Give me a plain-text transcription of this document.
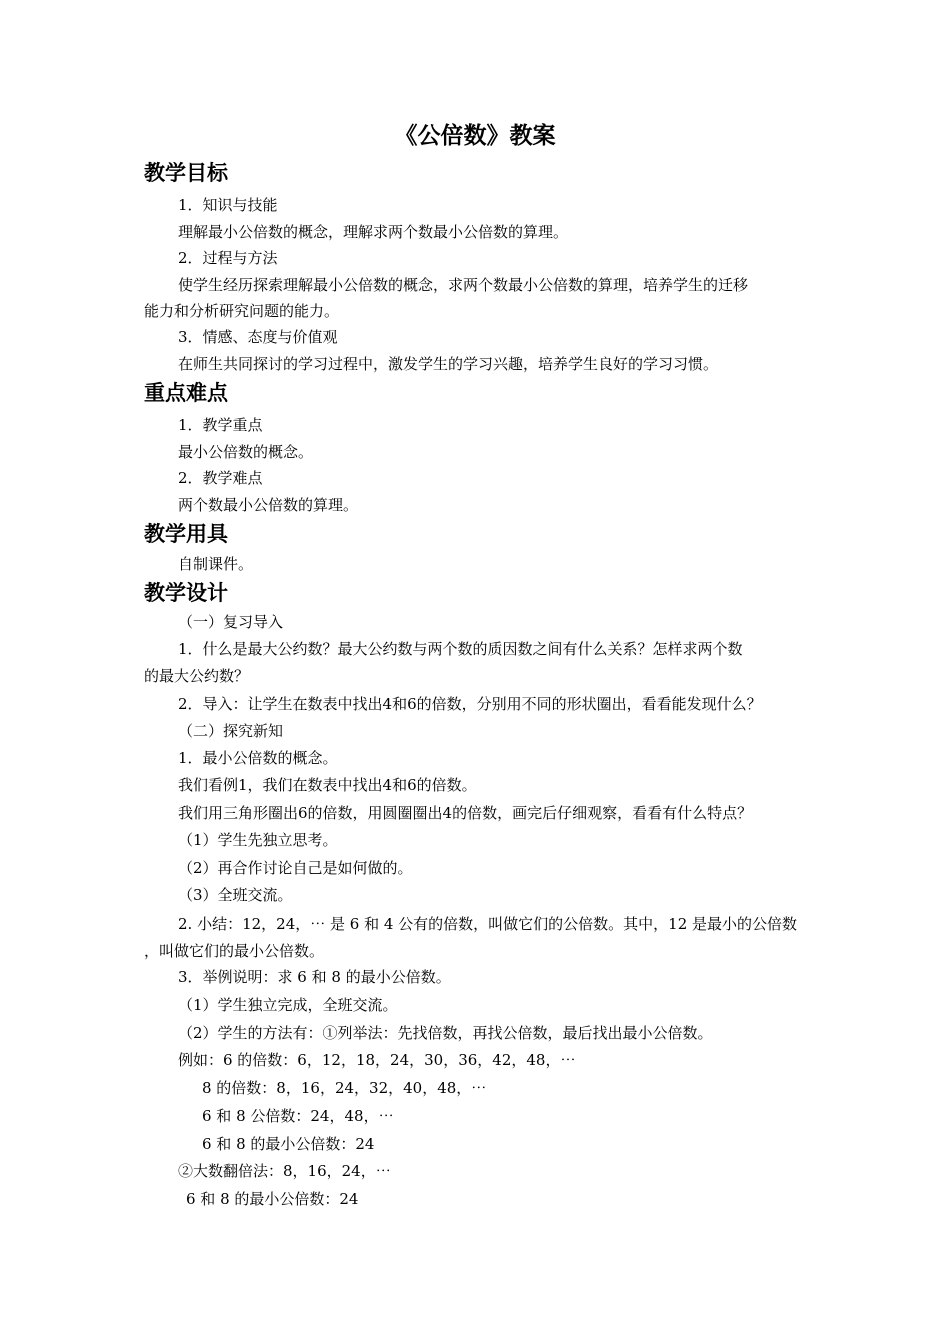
《公倍数》教案
教学目标
1．知识与技能
理解最小公倍数的概念，理解求两个数最小公倍数的算理。
2．过程与方法
使学生经历探索理解最小公倍数的概念，求两个数最小公倍数的算理，培养学生的迁移
能力和分析研究问题的能力。
3．情感、态度与价值观
在师生共同探讨的学习过程中，激发学生的学习兴趣，培养学生良好的学习习惯。
重点难点
1．教学重点
最小公倍数的概念。
2．教学难点
两个数最小公倍数的算理。
教学用具
自制课件。
教学设计
（一）复习导入
1．什么是最大公约数？最大公约数与两个数的质因数之间有什么关系？怎样求两个数
的最大公约数？
2．导入：让学生在数表中找出4和6的倍数，分别用不同的形状圈出，看看能发现什么？
（二）探究新知
1．最小公倍数的概念。
我们看例1，我们在数表中找出4和6的倍数。
我们用三角形圈出6的倍数，用圆圈圈出4的倍数，画完后仔细观察，看看有什么特点？
（1）学生先独立思考。
（2）再合作讨论自己是如何做的。
（3）全班交流。
2. 小结：12，24，⋯ 是 6 和 4 公有的倍数，叫做它们的公倍数。其中，12 是最小的公倍数
，叫做它们的最小公倍数。
3．举例说明：求 6 和 8 的最小公倍数。
（1）学生独立完成，全班交流。
（2）学生的方法有：①列举法：先找倍数，再找公倍数，最后找出最小公倍数。
例如：6 的倍数：6，12，18，24，30，36，42，48，⋯
8 的倍数：8，16，24，32，40，48，⋯
6 和 8 公倍数：24，48，⋯
6 和 8 的最小公倍数：24
②大数翻倍法：8，16，24，⋯
6 和 8 的最小公倍数：24
